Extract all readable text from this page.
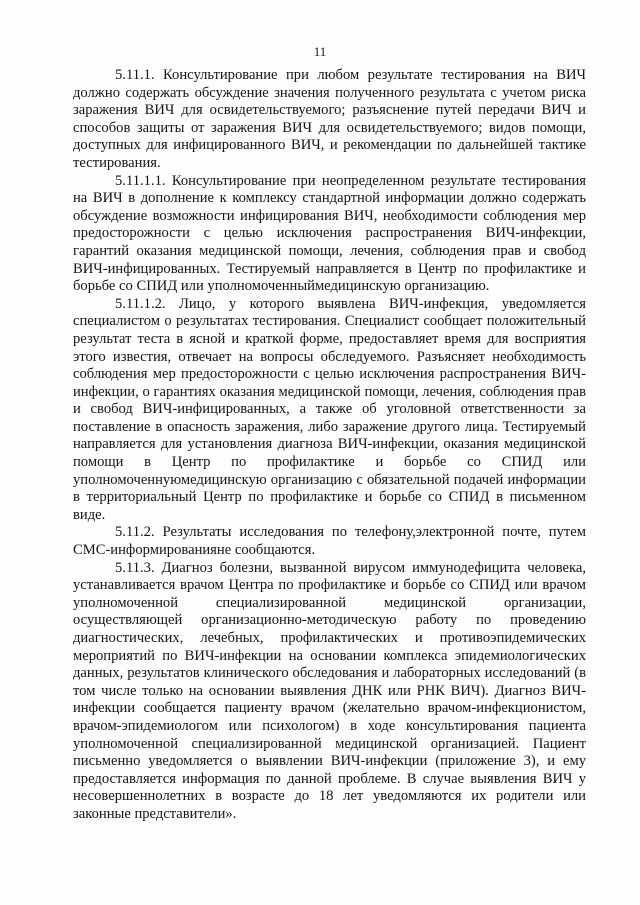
11

5.11.1. Консультирование при любом результате тестирования на ВИЧ должно содержать обсуждение значения полученного результата с учетом риска заражения ВИЧ для освидетельствуемого; разъяснение путей передачи ВИЧ и способов защиты от заражения ВИЧ для освидетельствуемого; видов помощи, доступных для инфицированного ВИЧ, и рекомендации по дальнейшей тактике тестирования.

5.11.1.1. Консультирование при неопределенном результате тестирования на ВИЧ в дополнение к комплексу стандартной информации должно содержать обсуждение возможности инфицирования ВИЧ, необходимости соблюдения мер предосторожности с целью исключения распространения ВИЧ-инфекции, гарантий оказания медицинской помощи, лечения, соблюдения прав и свобод ВИЧ-инфицированных. Тестируемый направляется в Центр по профилактике и борьбе со СПИД или уполномоченныймедицинскую организацию.

5.11.1.2. Лицо, у которого выявлена ВИЧ-инфекция, уведомляется специалистом о результатах тестирования. Специалист сообщает положительный результат теста в ясной и краткой форме, предоставляет время для восприятия этого известия, отвечает на вопросы обследуемого. Разъясняет необходимость соблюдения мер предосторожности с целью исключения распространения ВИЧ-инфекции, о гарантиях оказания медицинской помощи, лечения, соблюдения прав и свобод ВИЧ-инфицированных, а также об уголовной ответственности за поставление в опасность заражения, либо заражение другого лица. Тестируемый направляется для установления диагноза ВИЧ-инфекции, оказания медицинской помощи в Центр по профилактике и борьбе со СПИД или уполномоченнуюмедицинскую организацию с обязательной подачей информации в территориальный Центр по профилактике и борьбе со СПИД в письменном виде.

5.11.2. Результаты исследования по телефону,электронной почте, путем СМС-информированияне сообщаются.

5.11.3. Диагноз болезни, вызванной вирусом иммунодефицита человека, устанавливается врачом Центра по профилактике и борьбе со СПИД или врачом уполномоченной специализированной медицинской организации, осуществляющей организационно-методическую работу по проведению диагностических, лечебных, профилактических и противоэпидемических мероприятий по ВИЧ-инфекции на основании комплекса эпидемиологических данных, результатов клинического обследования и лабораторных исследований (в том числе только на основании выявления ДНК или РНК ВИЧ). Диагноз ВИЧ-инфекции сообщается пациенту врачом (желательно врачом-инфекционистом, врачом-эпидемиологом или психологом) в ходе консультирования пациента уполномоченной специализированной медицинской организацией. Пациент письменно уведомляется о выявлении ВИЧ-инфекции (приложение 3), и ему предоставляется информация по данной проблеме. В случае выявления ВИЧ у несовершеннолетних в возрасте до 18 лет уведомляются их родители или законные представители».
